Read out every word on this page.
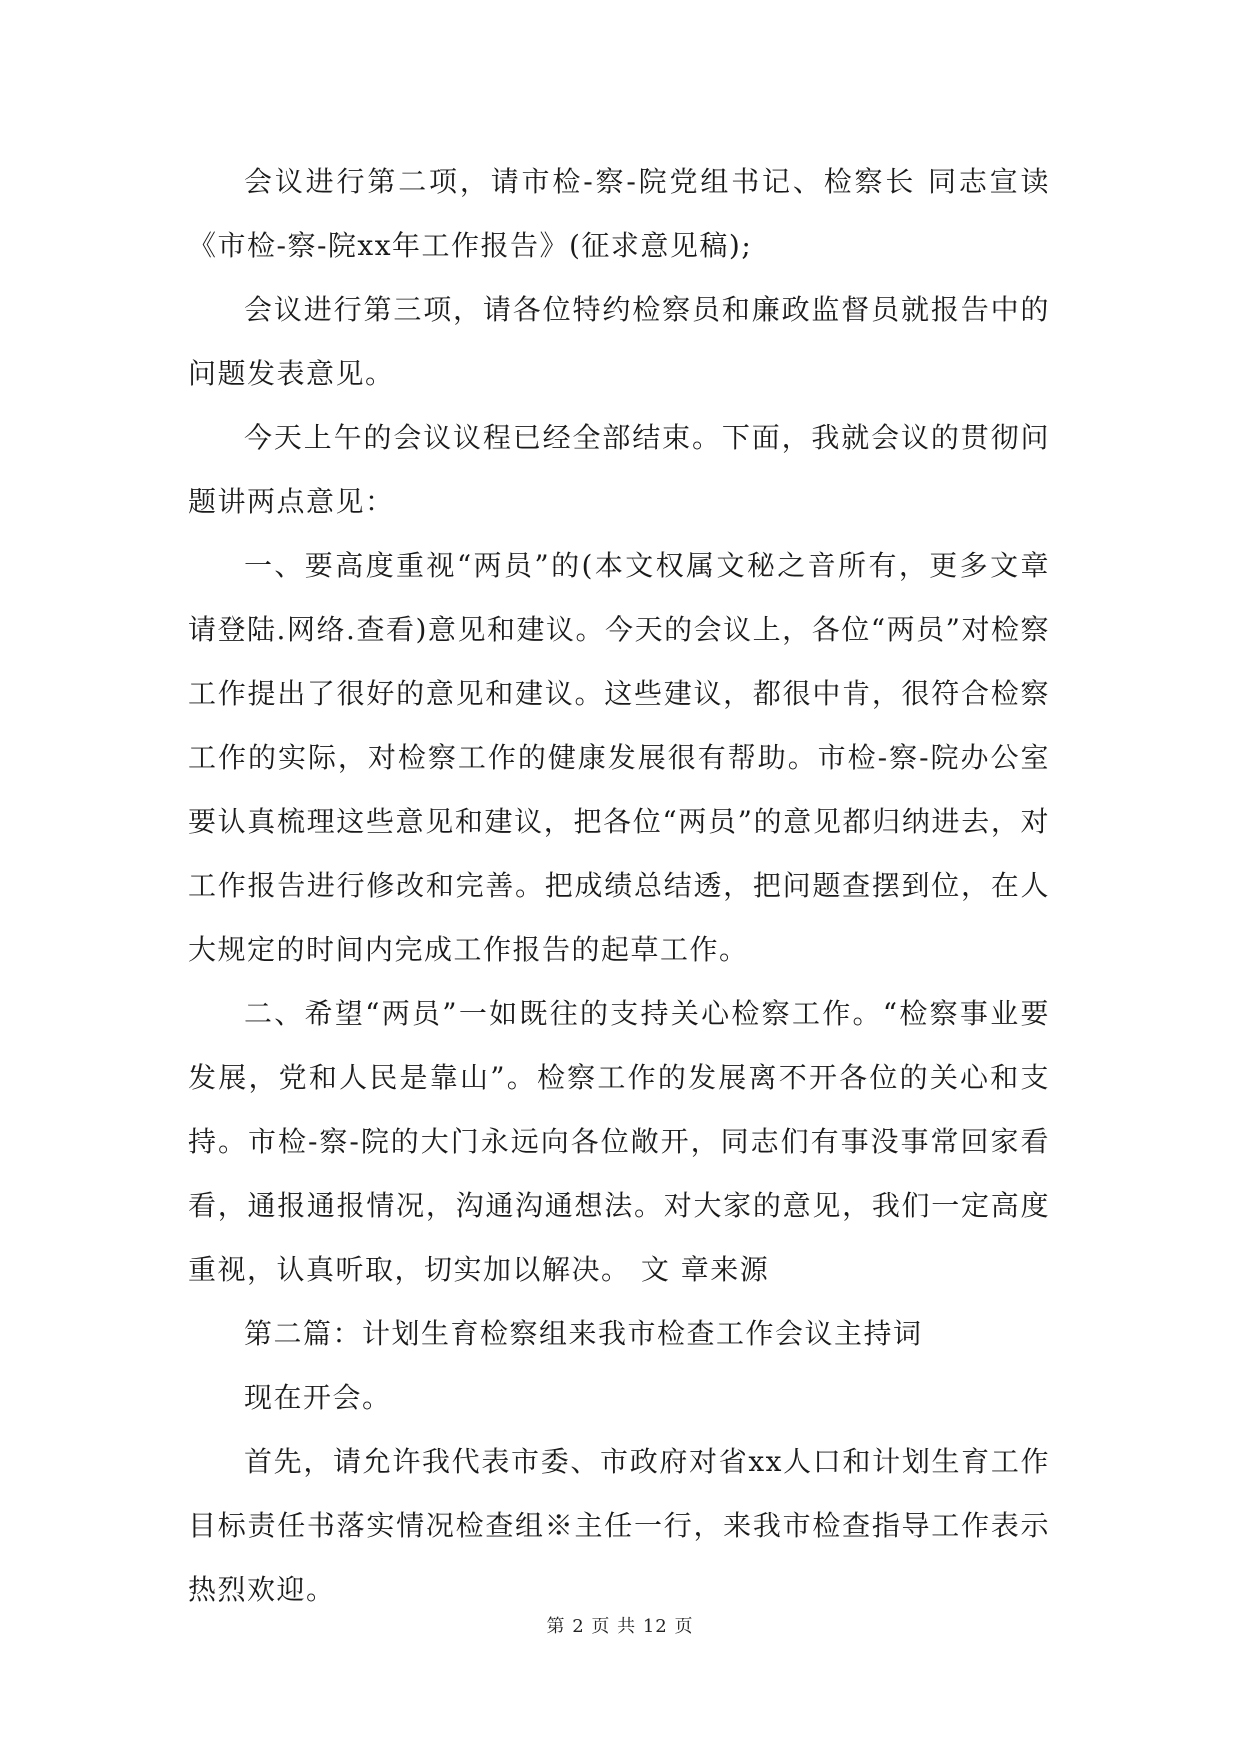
会议进行第二项，请市检-察-院党组书记、检察长 同志宣读《市检-察-院xx年工作报告》(征求意见稿);

会议进行第三项，请各位特约检察员和廉政监督员就报告中的问题发表意见。

今天上午的会议议程已经全部结束。下面，我就会议的贯彻问题讲两点意见：

一、要高度重视“两员”的(本文权属文秘之音所有，更多文章请登陆.网络.查看)意见和建议。今天的会议上，各位“两员”对检察工作提出了很好的意见和建议。这些建议，都很中肯，很符合检察工作的实际，对检察工作的健康发展很有帮助。市检-察-院办公室要认真梳理这些意见和建议，把各位“两员”的意见都归纳进去，对工作报告进行修改和完善。把成绩总结透，把问题查摆到位，在人大规定的时间内完成工作报告的起草工作。

二、希望“两员”一如既往的支持关心检察工作。“检察事业要发展，党和人民是靠山”。检察工作的发展离不开各位的关心和支持。市检-察-院的大门永远向各位敞开，同志们有事没事常回家看看，通报通报情况，沟通沟通想法。对大家的意见，我们一定高度重视，认真听取，切实加以解决。 文 章来源

第二篇：计划生育检察组来我市检查工作会议主持词

现在开会。

首先，请允许我代表市委、市政府对省xx人口和计划生育工作目标责任书落实情况检查组※主任一行，来我市检查指导工作表示热烈欢迎。

第 2 页 共 12 页
